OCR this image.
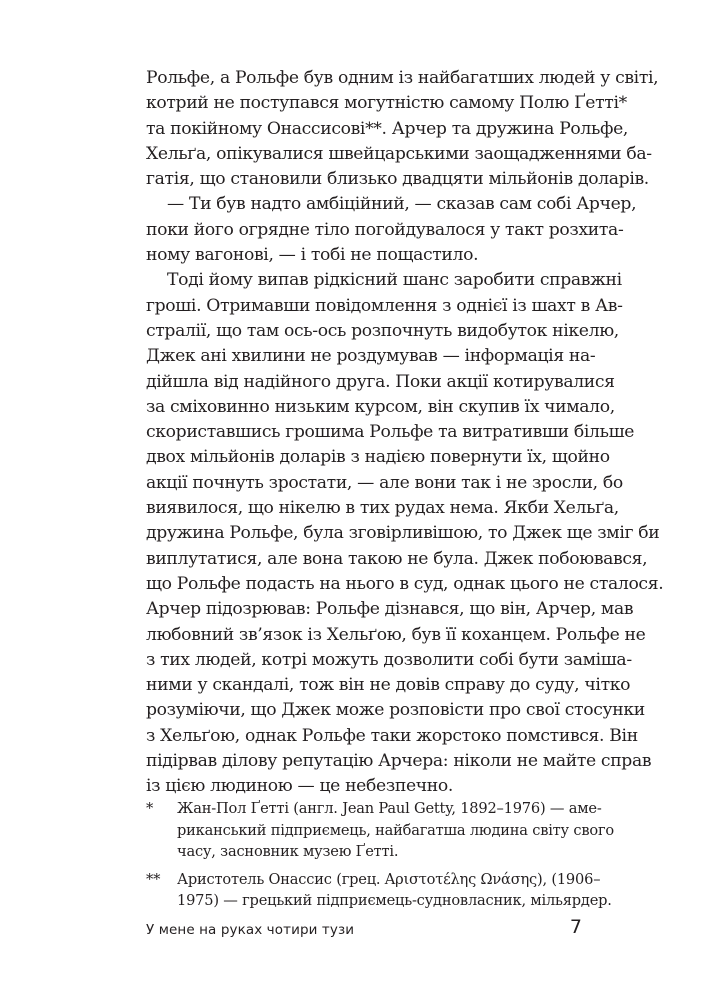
Рольфе, а Рольфе був одним із найбагатших людей у світі,
котрий не поступався могутністю самому Полю Ґетті*
та покійному Онассисові**. Арчер та дружина Рольфе,
Хельґа, опікувалися швейцарськими заощадженнями ба-
гатія, що становили близько двадцяти мільйонів доларів.
— Ти був надто амбіційний, — сказав сам собі Арчер,
поки його огрядне тіло погойдувалося у такт розхита-
ному вагонові, — і тобі не пощастило.
Тоді йому випав рідкісний шанс заробити справжні
гроші. Отримавши повідомлення з однієї із шахт в Ав-
стралії, що там ось-ось розпочнуть видобуток нікелю,
Джек ані хвилини не роздумував — інформація на-
дійшла від надійного друга. Поки акції котирувалися
за сміховинно низьким курсом, він скупив їх чимало,
скориставшись грошима Рольфе та витративши більше
двох мільйонів доларів з надією повернути їх, щойно
акції почнуть зростати, — але вони так і не зросли, бо
виявилося, що нікелю в тих рудах нема. Якби Хельґа,
дружина Рольфе, була зговірливішою, то Джек ще зміг би
виплутатися, але вона такою не була. Джек побоювався,
що Рольфе подасть на нього в суд, однак цього не сталося.
Арчер підозрював: Рольфе дізнався, що він, Арчер, мав
любовний зв’язок із Хельґою, був її коханцем. Рольфе не
з тих людей, котрі можуть дозволити собі бути заміша-
ними у скандалі, тож він не довів справу до суду, чітко
розуміючи, що Джек може розповісти про свої стосунки
з Хельґою, однак Рольфе таки жорстоко помстився. Він
підірвав ділову репутацію Арчера: ніколи не майте справ
із цією людиною — це небезпечно.
* Жан-Пол Ґетті (англ. Jean Paul Getty, 1892–1976) — аме-
риканський підприємець, найбагатша людина світу свого
часу, засновник музею Ґетті.
** Аристотель Онассис (грец. Αριστοτέλης Ωνάσης), (1906–
1975) — грецький підприємець-судновласник, мільярдер.
У мене на руках чотири тузи	7
